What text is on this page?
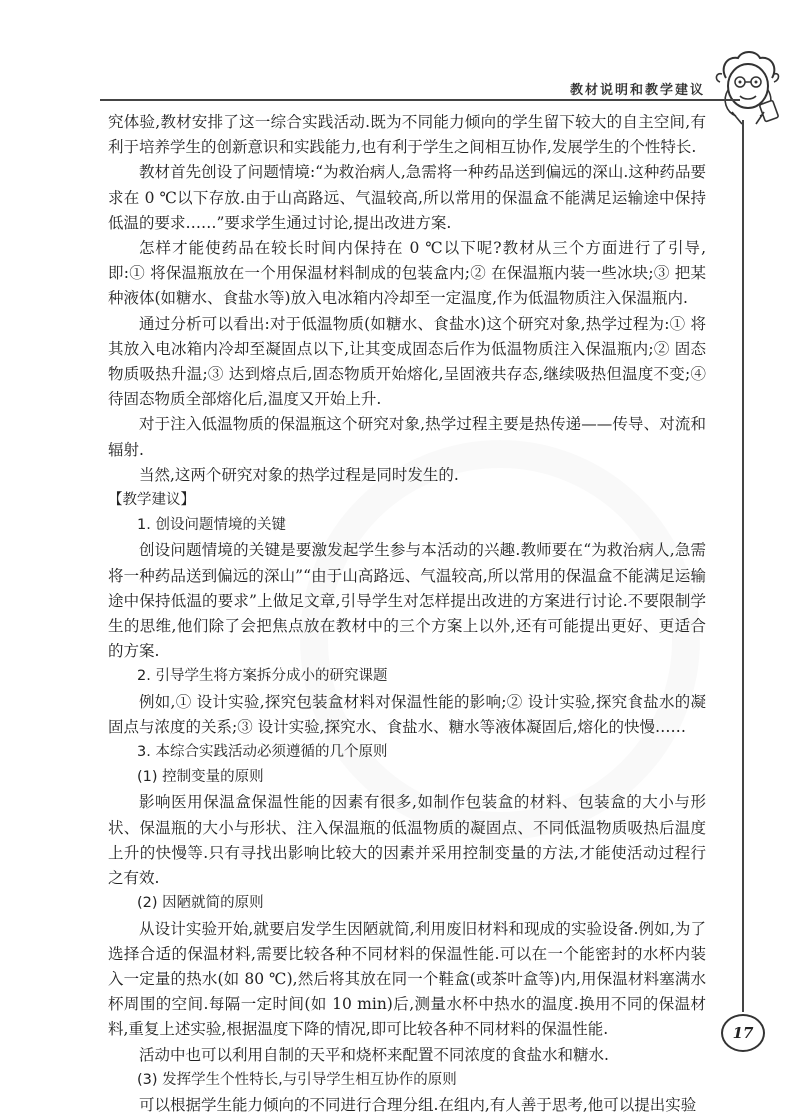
教材说明和教学建议

究体验,教材安排了这一综合实践活动.既为不同能力倾向的学生留下较大的自主空间,有利于培养学生的创新意识和实践能力,也有利于学生之间相互协作,发展学生的个性特长.

教材首先创设了问题情境:“为救治病人,急需将一种药品送到偏远的深山.这种药品要求在 0 ℃以下存放.由于山高路远、气温较高,所以常用的保温盒不能满足运输途中保持低温的要求……”要求学生通过讨论,提出改进方案.

怎样才能使药品在较长时间内保持在 0 ℃以下呢?教材从三个方面进行了引导,即:① 将保温瓶放在一个用保温材料制成的包装盒内;② 在保温瓶内装一些冰块;③ 把某种液体(如糖水、食盐水等)放入电冰箱内冷却至一定温度,作为低温物质注入保温瓶内.

通过分析可以看出:对于低温物质(如糖水、食盐水)这个研究对象,热学过程为:① 将其放入电冰箱内冷却至凝固点以下,让其变成固态后作为低温物质注入保温瓶内;② 固态物质吸热升温;③ 达到熔点后,固态物质开始熔化,呈固液共存态,继续吸热但温度不变;④ 待固态物质全部熔化后,温度又开始上升.

对于注入低温物质的保温瓶这个研究对象,热学过程主要是热传递——传导、对流和辐射.

当然,这两个研究对象的热学过程是同时发生的.

【教学建议】

1. 创设问题情境的关键

创设问题情境的关键是要激发起学生参与本活动的兴趣.教师要在“为救治病人,急需将一种药品送到偏远的深山”“由于山高路远、气温较高,所以常用的保温盒不能满足运输途中保持低温的要求”上做足文章,引导学生对怎样提出改进的方案进行讨论.不要限制学生的思维,他们除了会把焦点放在教材中的三个方案上以外,还有可能提出更好、更适合的方案.

2. 引导学生将方案拆分成小的研究课题

例如,① 设计实验,探究包装盒材料对保温性能的影响;② 设计实验,探究食盐水的凝固点与浓度的关系;③ 设计实验,探究水、食盐水、糖水等液体凝固后,熔化的快慢……

3. 本综合实践活动必须遵循的几个原则

(1) 控制变量的原则

影响医用保温盒保温性能的因素有很多,如制作包装盒的材料、包装盒的大小与形状、保温瓶的大小与形状、注入保温瓶的低温物质的凝固点、不同低温物质吸热后温度上升的快慢等.只有寻找出影响比较大的因素并采用控制变量的方法,才能使活动过程行之有效.

(2) 因陋就简的原则

从设计实验开始,就要启发学生因陋就简,利用废旧材料和现成的实验设备.例如,为了选择合适的保温材料,需要比较各种不同材料的保温性能.可以在一个能密封的水杯内装入一定量的热水(如 80 ℃),然后将其放在同一个鞋盒(或茶叶盒等)内,用保温材料塞满水杯周围的空间.每隔一定时间(如 10 min)后,测量水杯中热水的温度.换用不同的保温材料,重复上述实验,根据温度下降的情况,即可比较各种不同材料的保温性能.

活动中也可以利用自制的天平和烧杯来配置不同浓度的食盐水和糖水.

(3) 发挥学生个性特长,与引导学生相互协作的原则

可以根据学生能力倾向的不同进行合理分组.在组内,有人善于思考,他可以提出实验

17
